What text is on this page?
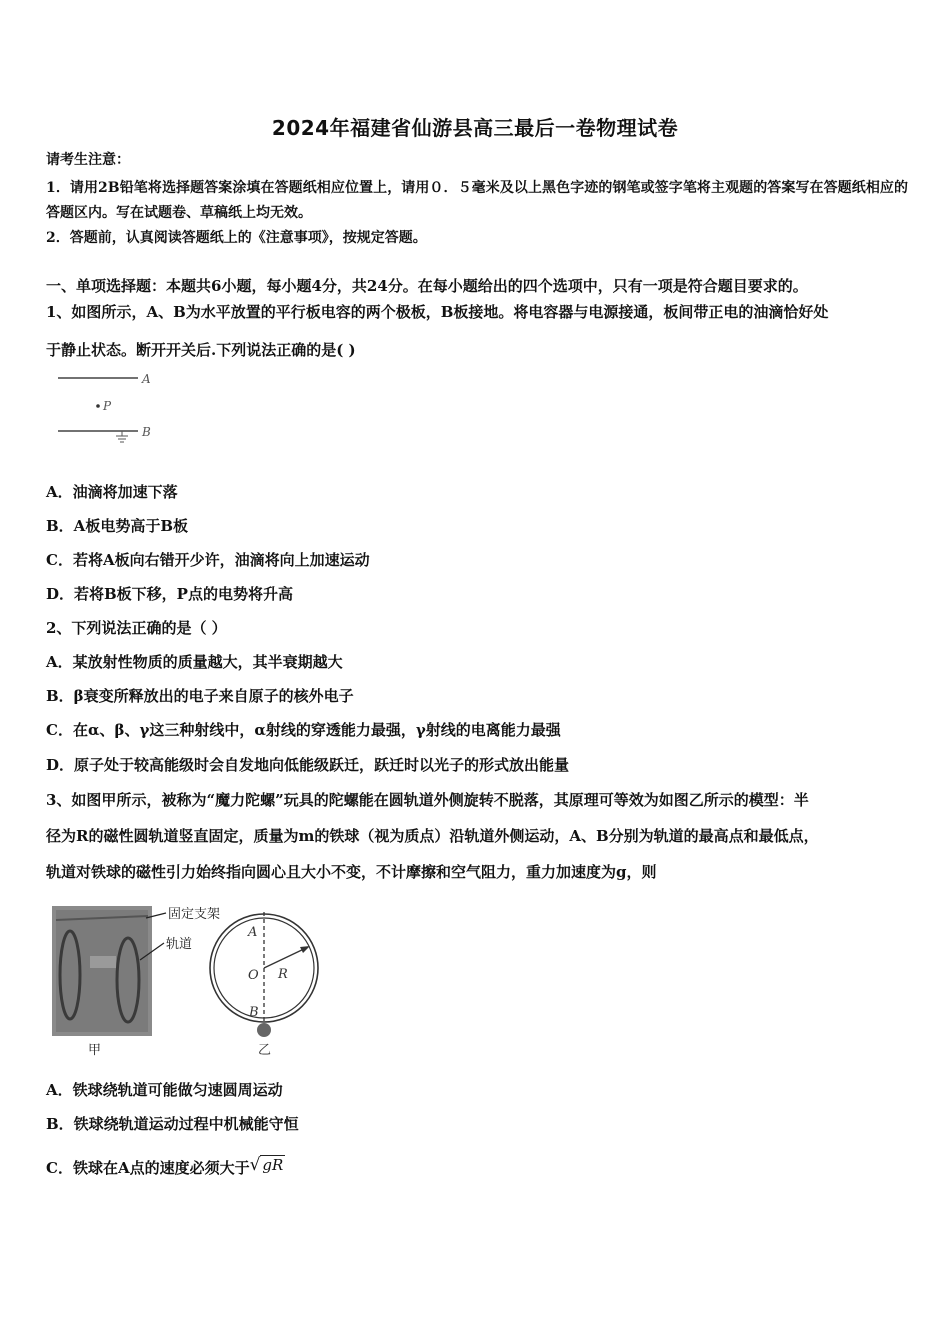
2024年福建省仙游县高三最后一卷物理试卷
请考生注意：
1．请用2B铅笔将选择题答案涂填在答题纸相应位置上，请用０．５毫米及以上黑色字迹的钢笔或签字笔将主观题的答案写在答题纸相应的答题区内。写在试题卷、草稿纸上均无效。
2．答题前，认真阅读答题纸上的《注意事项》，按规定答题。
一、单项选择题：本题共6小题，每小题4分，共24分。在每小题给出的四个选项中，只有一项是符合题目要求的。
1、如图所示，A、B为水平放置的平行板电容的两个极板，B板接地。将电容器与电源接通，板间带正电的油滴恰好处
于静止状态。断开开关后.下列说法正确的是( )
A
P
B
A．油滴将加速下落
B．A板电势高于B板
C．若将A板向右错开少许，油滴将向上加速运动
D．若将B板下移，P点的电势将升高
2、下列说法正确的是（ ）
A．某放射性物质的质量越大，其半衰期越大
B．β衰变所释放出的电子来自原子的核外电子
C．在α、β、γ这三种射线中，α射线的穿透能力最强，γ射线的电离能力最强
D．原子处于较高能级时会自发地向低能级跃迁，跃迁时以光子的形式放出能量
3、如图甲所示，被称为“魔力陀螺”玩具的陀螺能在圆轨道外侧旋转不脱落，其原理可等效为如图乙所示的模型：半
径为R的磁性圆轨道竖直固定，质量为m的铁球（视为质点）沿轨道外侧运动，A、B分别为轨道的最高点和最低点，
轨道对铁球的磁性引力始终指向圆心且大小不变，不计摩擦和空气阻力，重力加速度为g，则
固定支架
轨道
甲
A
O R
B
乙
A．铁球绕轨道可能做匀速圆周运动
B．铁球绕轨道运动过程中机械能守恒
C．铁球在A点的速度必须大于√ gR
